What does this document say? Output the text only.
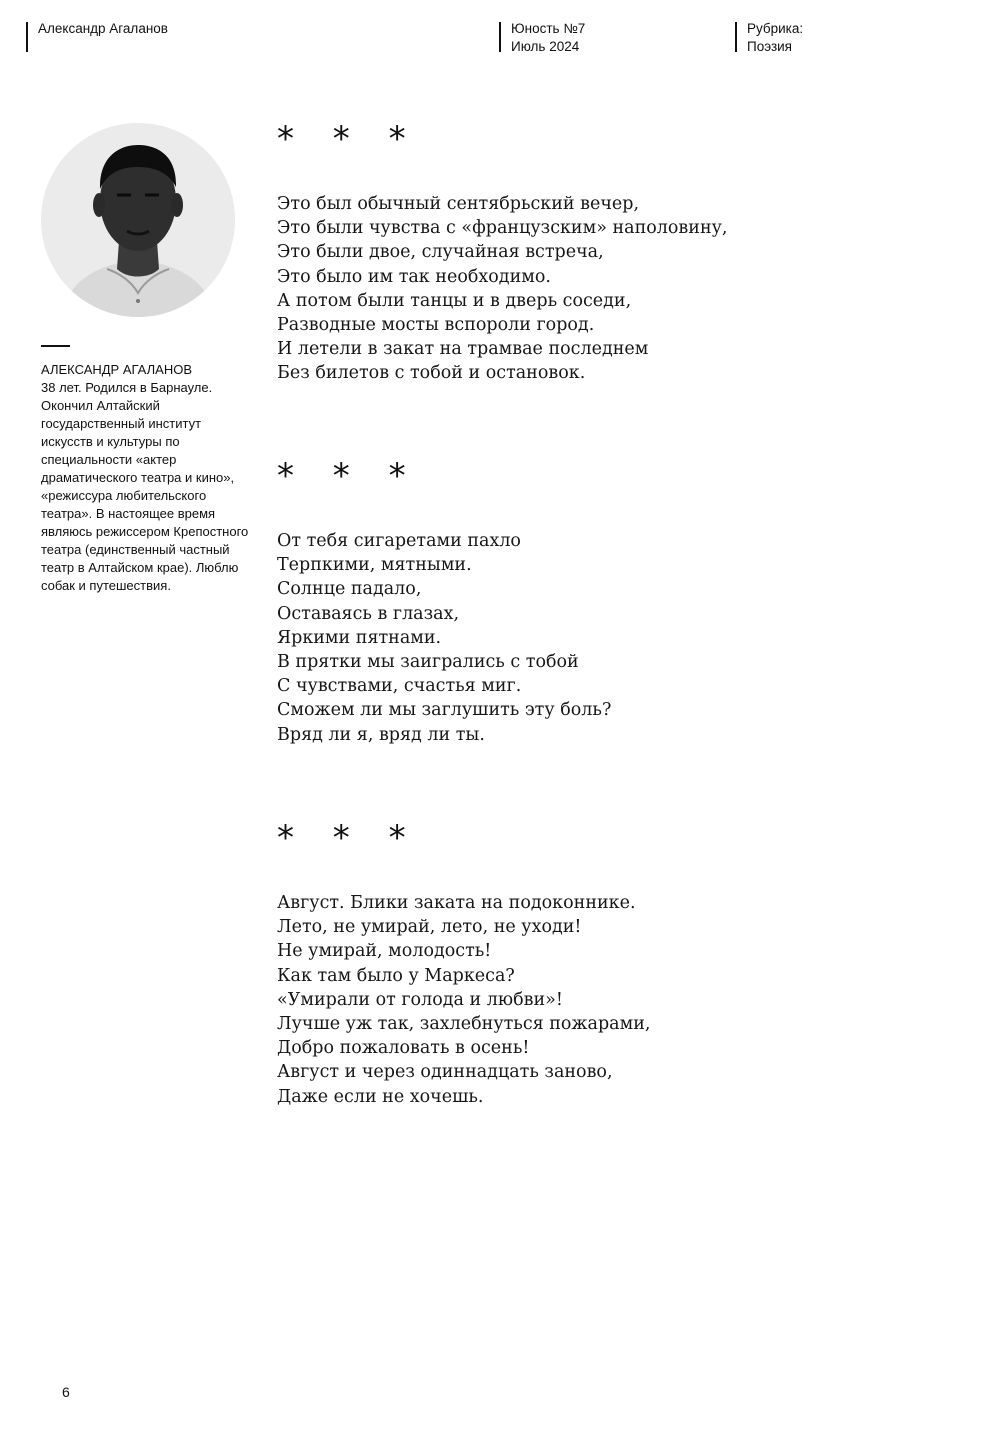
Александр Агаланов	Юность №7
Июль 2024
Рубрика:
Поэзия
АЛЕКСАНДР АГАЛАНОВ

38 лет. Родился в Барнауле. Окончил Алтайский государственный институт искусств и культуры по специальности «актер драматического театра и кино», «режиссура любительского театра». В настоящее время являюсь режиссером Крепостного театра (единственный частный театр в Алтайском крае). Люблю собак и путешествия.

* * *
Это был обычный сентябрьский вечер,
Это были чувства с «французским» наполовину,
Это были двое, случайная встреча,
Это было им так необходимо.
А потом были танцы и в дверь соседи,
Разводные мосты вспороли город.
И летели в закат на трамвае последнем
Без билетов с тобой и остановок.
* * *
От тебя сигаретами пахло
Терпкими, мятными.
Солнце падало,
Оставаясь в глазах,
Яркими пятнами.
В прятки мы заигрались с тобой
С чувствами, счастья миг.
Сможем ли мы заглушить эту боль?
Вряд ли я, вряд ли ты.
* * *
Август. Блики заката на подоконнике.
Лето, не умирай, лето, не уходи!
Не умирай, молодость!
Как там было у Маркеса?
«Умирали от голода и любви»!
Лучше уж так, захлебнуться пожарами,
Добро пожаловать в осень!
Август и через одиннадцать заново,
Даже если не хочешь.
6
